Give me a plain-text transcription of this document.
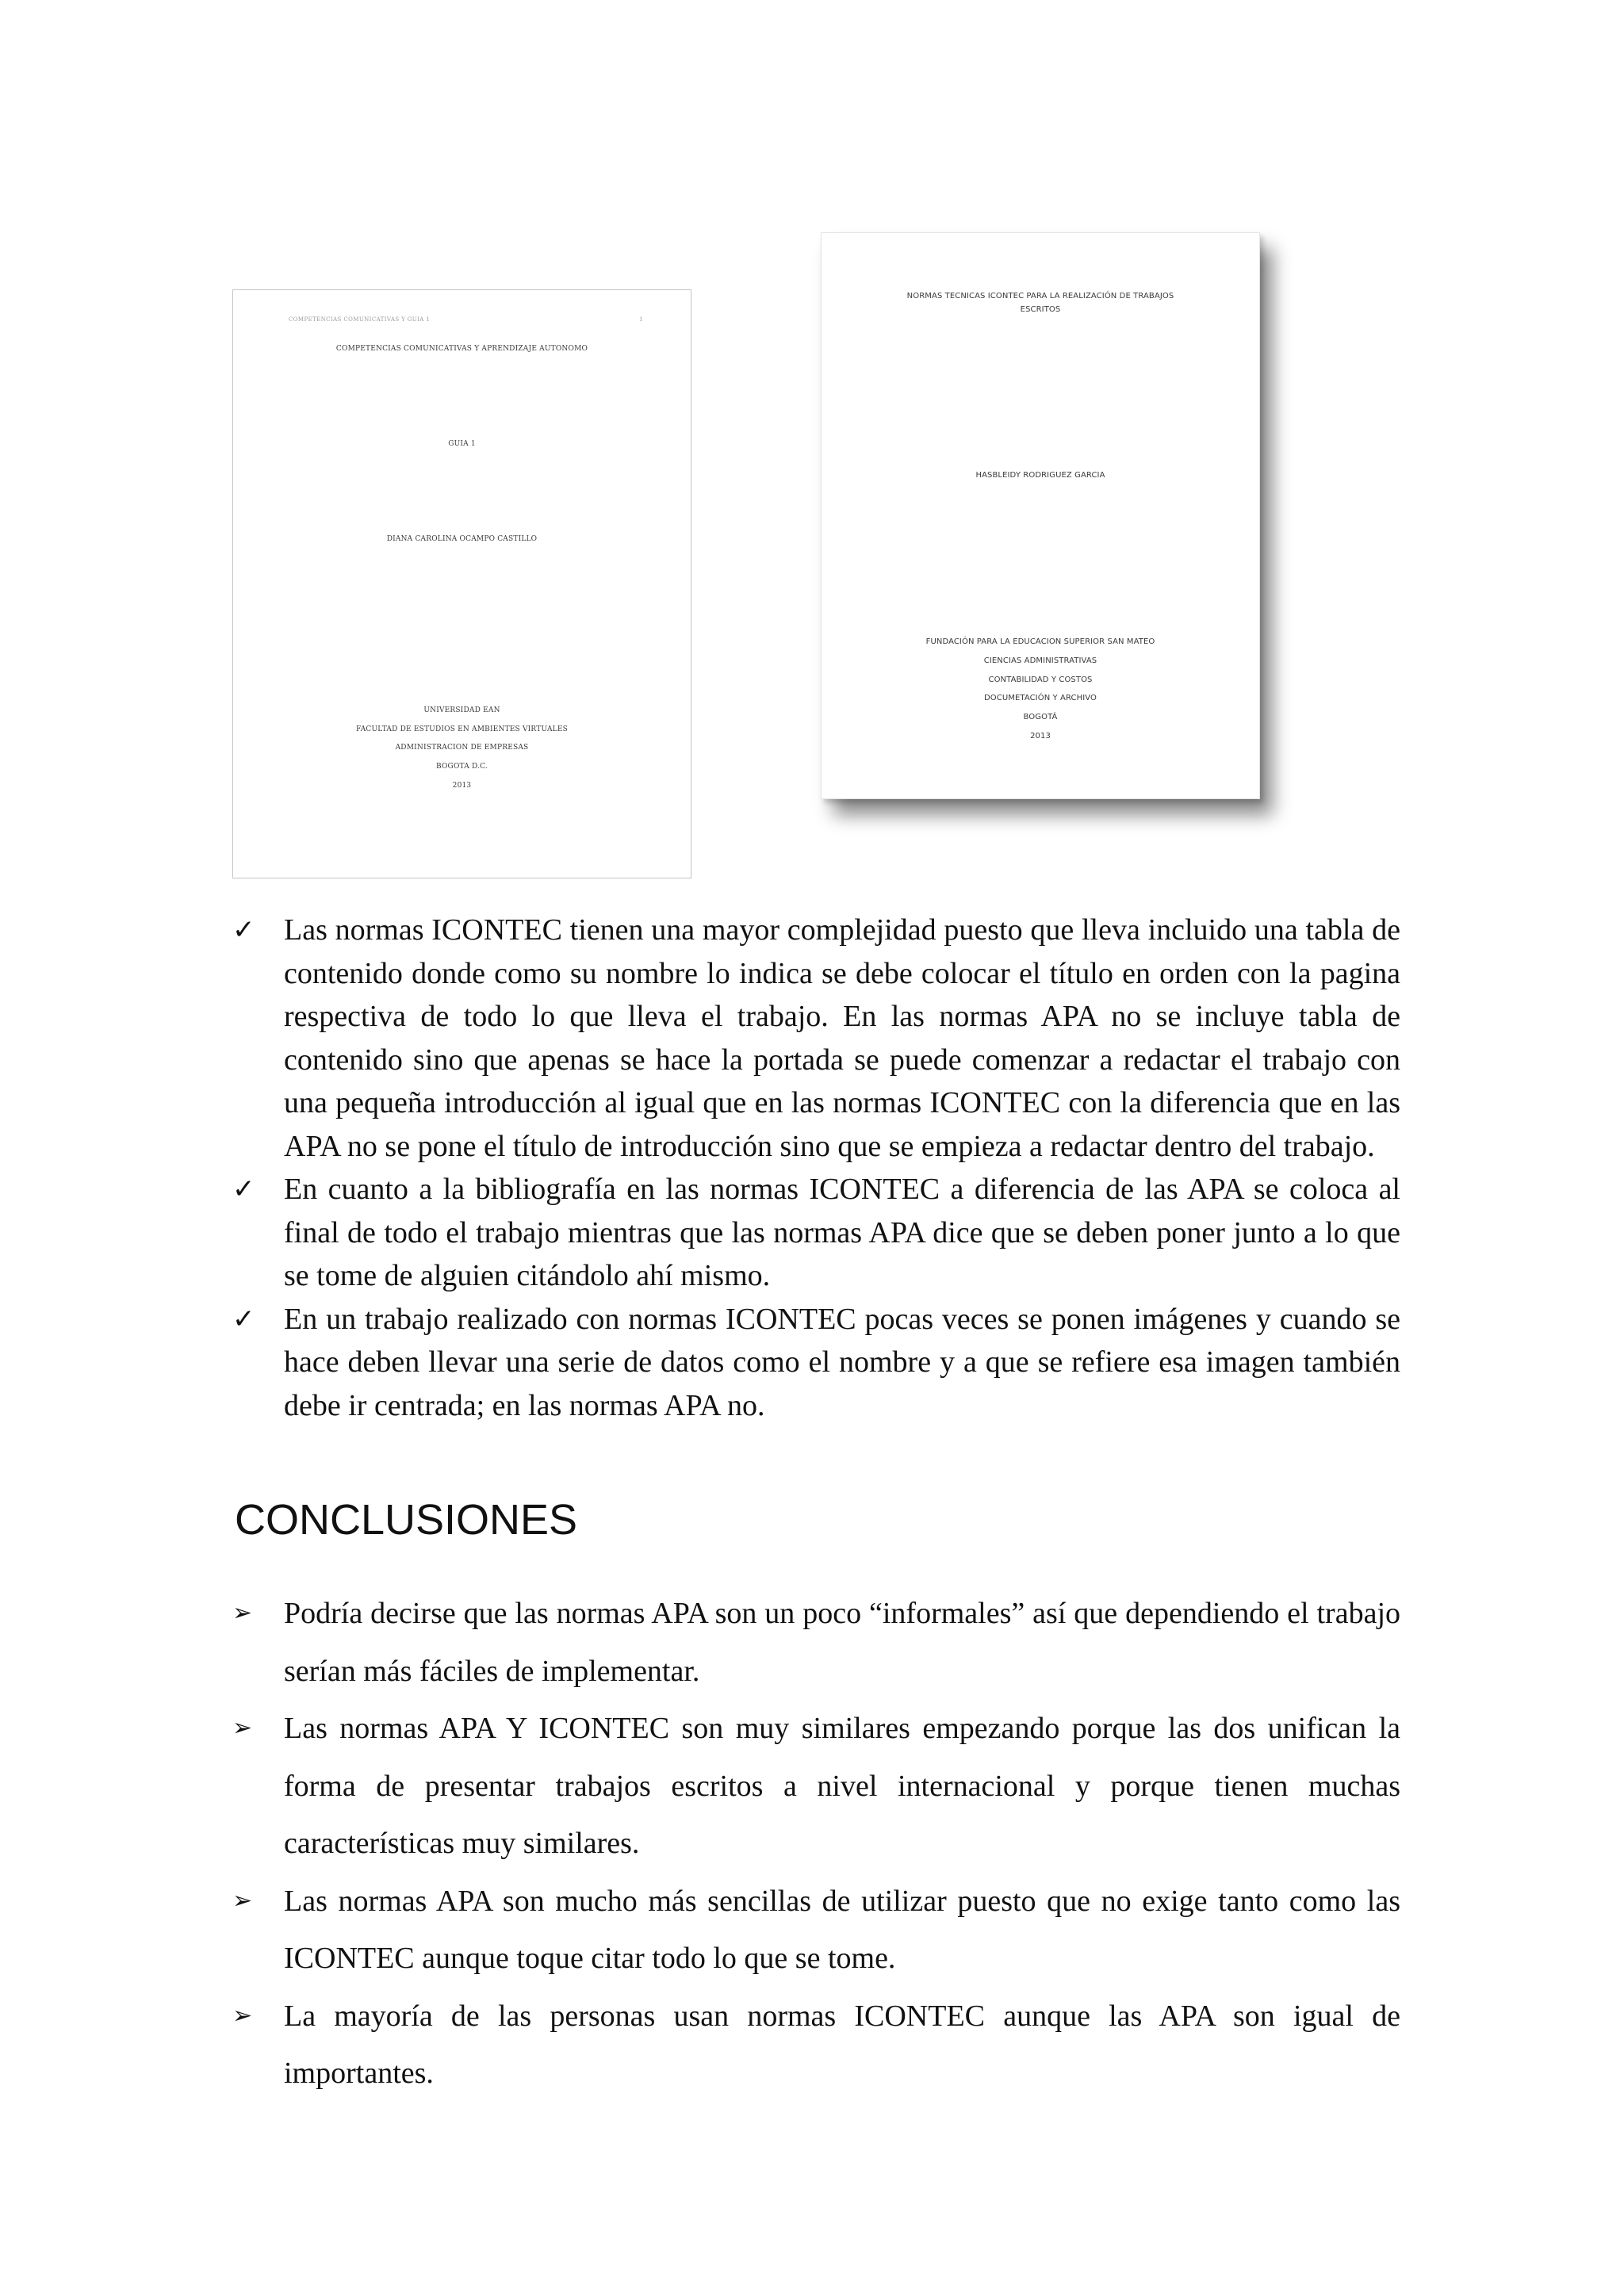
COMPETENCIAS COMUNICATIVAS Y GUIA 1	1

COMPETENCIAS COMUNICATIVAS Y APRENDIZAJE AUTONOMO

GUIA 1

DIANA CAROLINA OCAMPO CASTILLO

UNIVERSIDAD EAN

FACULTAD DE ESTUDIOS EN AMBIENTES VIRTUALES

ADMINISTRACION DE EMPRESAS

BOGOTA D.C.

2013

NORMAS TECNICAS ICONTEC PARA LA REALIZACIÓN DE TRABAJOS

ESCRITOS

HASBLEIDY RODRIGUEZ GARCIA

FUNDACIÓN PARA LA EDUCACION SUPERIOR SAN MATEO

CIENCIAS ADMINISTRATIVAS

CONTABILIDAD Y COSTOS

DOCUMETACIÓN Y ARCHIVO

BOGOTÁ

2013

✓ Las normas ICONTEC tienen una mayor complejidad puesto que lleva incluido una tabla de contenido donde como su nombre lo indica se debe colocar el título en orden con la pagina respectiva de todo lo que lleva el trabajo. En las normas APA no se incluye tabla de contenido sino que apenas se hace la portada se puede comenzar a redactar el trabajo con una pequeña introducción al igual que en las normas ICONTEC con la diferencia que en las APA no se pone el título de introducción sino que se empieza a redactar dentro del trabajo.
✓ En cuanto a la bibliografía en las normas ICONTEC a diferencia de las APA se coloca al final de todo el trabajo mientras que las normas APA dice que se deben poner junto a lo que se tome de alguien citándolo ahí mismo.
✓ En un trabajo realizado con normas ICONTEC pocas veces se ponen imágenes y cuando se hace deben llevar una serie de datos como el nombre y a que se refiere esa imagen también debe ir centrada; en las normas APA no.
CONCLUSIONES
➢	Podría decirse que las normas APA son un poco “informales” así que dependiendo el trabajo serían más fáciles de implementar.
➢	Las normas APA Y ICONTEC son muy similares empezando porque las dos unifican la forma de presentar trabajos escritos a nivel internacional y porque tienen muchas características muy similares.
➢	Las normas APA son mucho más sencillas de utilizar puesto que no exige tanto como las ICONTEC aunque toque citar todo lo que se tome.
➢	La mayoría de las personas usan normas ICONTEC aunque las APA son igual de importantes.
